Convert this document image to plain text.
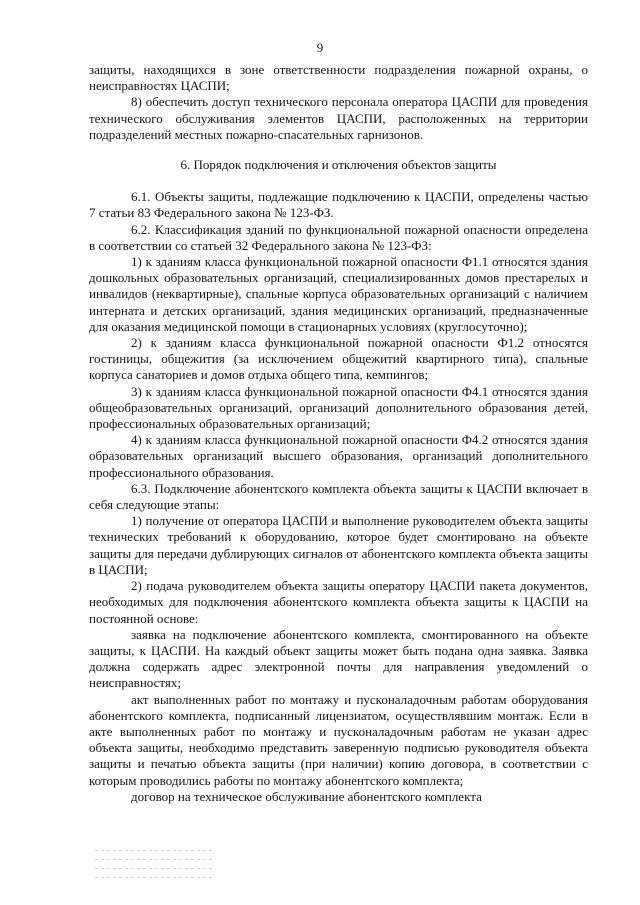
9

защиты, находящихся в зоне ответственности подразделения пожарной охраны, о неисправностях ЦАСПИ;

8) обеспечить доступ технического персонала оператора ЦАСПИ для проведения технического обслуживания элементов ЦАСПИ, расположенных на территории подразделений местных пожарно-спасательных гарнизонов.

6. Порядок подключения и отключения объектов защиты

6.1. Объекты защиты, подлежащие подключению к ЦАСПИ, определены частью 7 статьи 83 Федерального закона № 123-ФЗ.

6.2. Классификация зданий по функциональной пожарной опасности определена в соответствии со статьей 32 Федерального закона № 123-ФЗ:

1) к зданиям класса функциональной пожарной опасности Ф1.1 относятся здания дошкольных образовательных организаций, специализированных домов престарелых и инвалидов (неквартирные), спальные корпуса образовательных организаций с наличием интерната и детских организаций, здания медицинских организаций, предназначенные для оказания медицинской помощи в стационарных условиях (круглосуточно);

2) к зданиям класса функциональной пожарной опасности Ф1.2 относятся гостиницы, общежития (за исключением общежитий квартирного типа), спальные корпуса санаториев и домов отдыха общего типа, кемпингов;

3) к зданиям класса функциональной пожарной опасности Ф4.1 относятся здания общеобразовательных организаций, организаций дополнительного образования детей, профессиональных образовательных организаций;

4) к зданиям класса функциональной пожарной опасности Ф4.2 относятся здания образовательных организаций высшего образования, организаций дополнительного профессионального образования.

6.3. Подключение абонентского комплекта объекта защиты к ЦАСПИ включает в себя следующие этапы:

1) получение от оператора ЦАСПИ и выполнение руководителем объекта защиты технических требований к оборудованию, которое будет смонтировано на объекте защиты для передачи дублирующих сигналов от абонентского комплекта объекта защиты в ЦАСПИ;

2) подача руководителем объекта защиты оператору ЦАСПИ пакета документов, необходимых для подключения абонентского комплекта объекта защиты к ЦАСПИ на постоянной основе:

заявка на подключение абонентского комплекта, смонтированного на объекте защиты, к ЦАСПИ. На каждый объект защиты может быть подана одна заявка. Заявка должна содержать адрес электронной почты для направления уведомлений о неисправностях;

акт выполненных работ по монтажу и пусконаладочным работам оборудования абонентского комплекта, подписанный лицензиатом, осуществлявшим монтаж. Если в акте выполненных работ по монтажу и пусконаладочным работам не указан адрес объекта защиты, необходимо представить заверенную подписью руководителя объекта защиты и печатью объекта защиты (при наличии) копию договора, в соответствии с которым проводились работы по монтажу абонентского комплекта;

договор на техническое обслуживание абонентского комплекта
